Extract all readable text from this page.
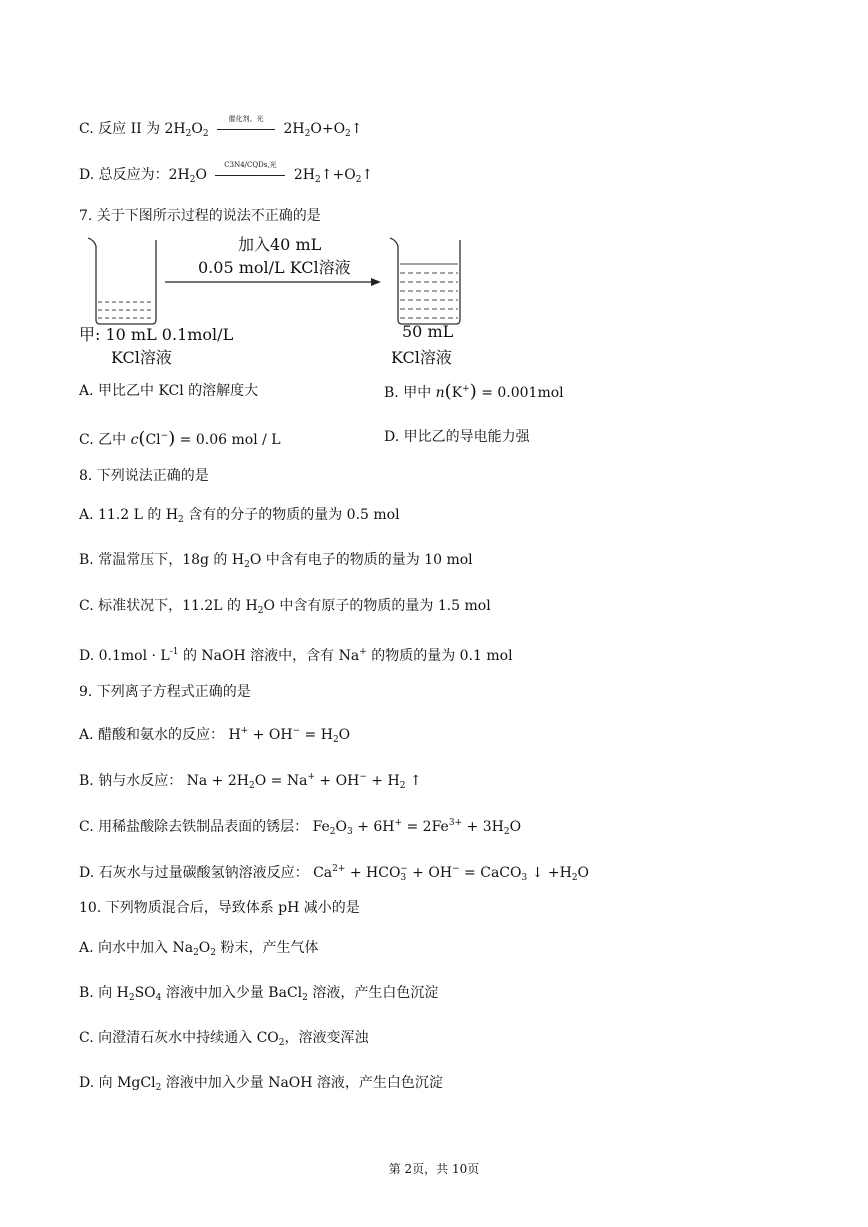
C. 反应 II 为 $2H_2O_2$
催化剂、光
$2H_2O+O_2↑$
D. 总反应为：$2H_2O$
C3N4/CQDs,光
$2H_2↑+O_2↑$
7. 关于下图所示过程的说法不正确的是
加入40 mL
0.05 mol/L KCl溶液
甲: 10 mL 0.1mol/L
KCl溶液
50 mL
KCl溶液
A. 甲比乙中 KCl 的溶解度大	B. 甲中 n(K+) = 0.001mol
C. 乙中 c(Cl−) = 0.06 mol / L	D. 甲比乙的导电能力强
8. 下列说法正确的是
A. 11.2 L 的 $H_2$ 含有的分子的物质的量为 0.5 mol
B. 常温常压下，18g 的 $H_2O$ 中含有电子的物质的量为 10 mol
C. 标准状况下，11.2L 的 $H_2O$ 中含有原子的物质的量为 1.5 mol
D. $0.1mol \cdot L^{-1}$ 的 NaOH 溶液中，含有 Na+ 的物质的量为 0.1 mol
9. 下列离子方程式正确的是
A. 醋酸和氨水的反应： $H^+ + OH^- = H_2O$
B. 钠与水反应： $Na + 2H_2O = Na^+ + OH^- + H_2$ ↑
C. 用稀盐酸除去铁制品表面的锈层： $Fe_2O_3 + 6H^+ = 2Fe^{3+} + 3H_2O$
D. 石灰水与过量碳酸氢钠溶液反应： $Ca^{2+} + HCO_3^- + OH^-$ = CaCO$_3$ ↓ $+H_2O$
10. 下列物质混合后，导致体系 pH 减小的是
A. 向水中加入 $Na_2O_2$ 粉末，产生气体
B. 向 $H_2SO_4$ 溶液中加入少量 BaCl$_2$ 溶液，产生白色沉淀
C. 向澄清石灰水中持续通入 $CO_2$，溶液变浑浊
D. 向 MgCl$_2$ 溶液中加入少量 NaOH 溶液，产生白色沉淀
第 2页，共 10页
